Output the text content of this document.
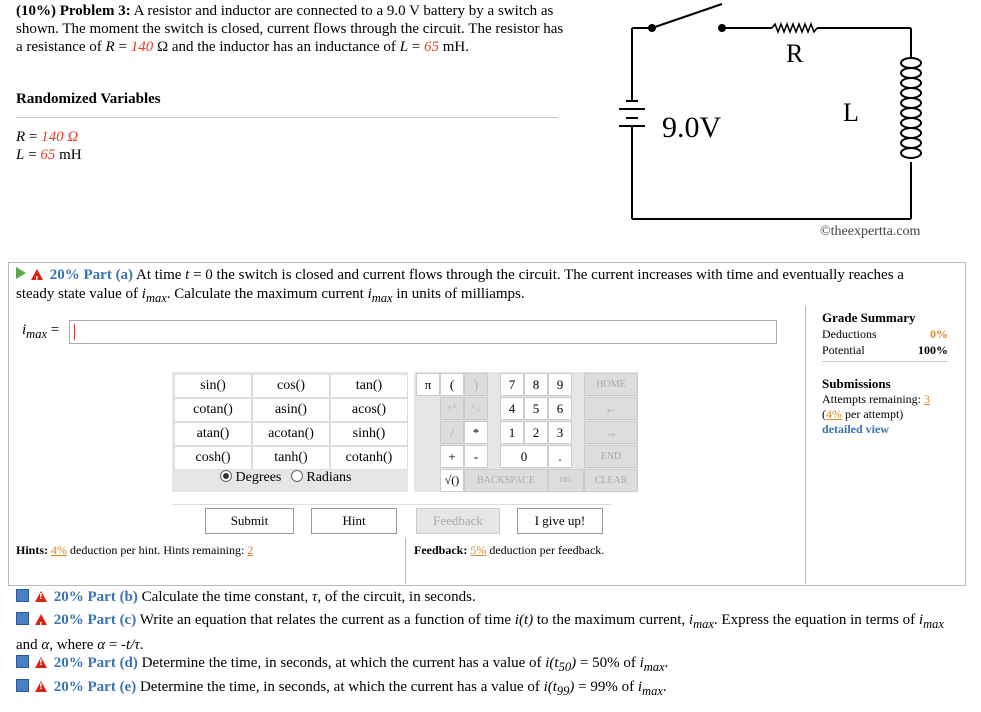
(10%) Problem 3: A resistor and inductor are connected to a 9.0 V battery by a switch as shown. The moment the switch is closed, current flows through the circuit. The resistor has a resistance of R = 140 Ω and the inductor has an inductance of L = 65 mH.
Randomized Variables
R = 140 Ω
L = 65 mH
R
L
9.0V
©theexpertta.com
! 20% Part (a) At time t = 0 the switch is closed and current flows through the circuit. The current increases with time and eventually reaches a steady state value of $i_{max}$. Calculate the maximum current $i_{max}$ in units of milliamps.
$i_{max}$ =
sin()	cos()	tan()
cotan()	asin()	acos()
atan()	acotan()	sinh()
cosh()	tanh()	cotanh()
Degrees Radians
π	(	)	7	8	9	HOME
↑^	^↓	4	5	6	←
/	*	1	2	3	→
+	-	0	.	END
√()	BACKSPACE	DEL	CLEAR
Submit	Hint	Feedback	I give up!
Hints: 4% deduction per hint. Hints remaining: 2	Feedback: 5% deduction per feedback.
Grade Summary
Deductions	0%
Potential	100%
Submissions
Attempts remaining: 3
(4% per attempt)
detailed view
! 20% Part (b) Calculate the time constant, τ, of the circuit, in seconds.
! 20% Part (c) Write an equation that relates the current as a function of time i(t) to the maximum current, $i_{max}$. Express the equation in terms of $i_{max}$ and α, where α = -t/τ.
! 20% Part (d) Determine the time, in seconds, at which the current has a value of $i(t_{50}) = 50\%$ of $i_{max}$.
! 20% Part (e) Determine the time, in seconds, at which the current has a value of $i(t_{99}) = 99\%$ of $i_{max}$.
